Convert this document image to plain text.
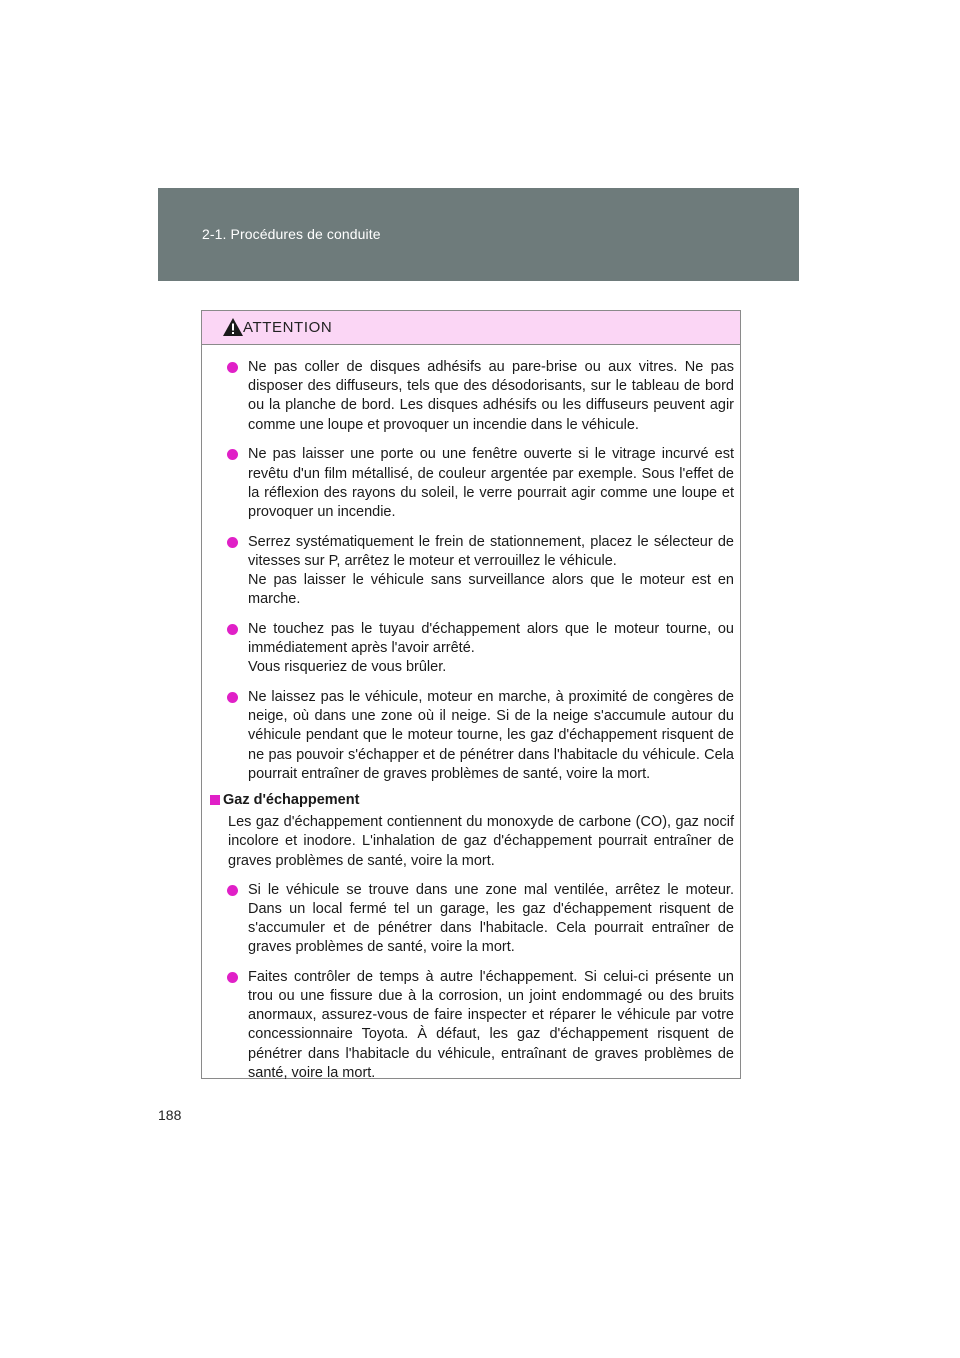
2-1. Procédures de conduite
ATTENTION
Ne pas coller de disques adhésifs au pare-brise ou aux vitres. Ne pas disposer des diffuseurs, tels que des désodorisants, sur le tableau de bord ou la planche de bord. Les disques adhésifs ou les diffuseurs peuvent agir comme une loupe et provoquer un incendie dans le véhicule.
Ne pas laisser une porte ou une fenêtre ouverte si le vitrage incurvé est revêtu d'un film métallisé, de couleur argentée par exemple. Sous l'effet de la réflexion des rayons du soleil, le verre pourrait agir comme une loupe et provoquer un incendie.
Serrez systématiquement le frein de stationnement, placez le sélecteur de vitesses sur P, arrêtez le moteur et verrouillez le véhicule.
Ne pas laisser le véhicule sans surveillance alors que le moteur est en marche.
Ne touchez pas le tuyau d'échappement alors que le moteur tourne, ou immédiatement après l'avoir arrêté.
Vous risqueriez de vous brûler.
Ne laissez pas le véhicule, moteur en marche, à proximité de congères de neige, où dans une zone où il neige. Si de la neige s'accumule autour du véhicule pendant que le moteur tourne, les gaz d'échappement risquent de ne pas pouvoir s'échapper et de pénétrer dans l'habitacle du véhicule. Cela pourrait entraîner de graves problèmes de santé, voire la mort.
Gaz d'échappement
Les gaz d'échappement contiennent du monoxyde de carbone (CO), gaz nocif incolore et inodore. L'inhalation de gaz d'échappement pourrait entraîner de graves problèmes de santé, voire la mort.
Si le véhicule se trouve dans une zone mal ventilée, arrêtez le moteur. Dans un local fermé tel un garage, les gaz d'échappement risquent de s'accumuler et de pénétrer dans l'habitacle. Cela pourrait entraîner de graves problèmes de santé, voire la mort.
Faites contrôler de temps à autre l'échappement. Si celui-ci présente un trou ou une fissure due à la corrosion, un joint endommagé ou des bruits anormaux, assurez-vous de faire inspecter et réparer le véhicule par votre concessionnaire Toyota. À défaut, les gaz d'échappement risquent de pénétrer dans l'habitacle du véhicule, entraînant de graves problèmes de santé, voire la mort.
188
